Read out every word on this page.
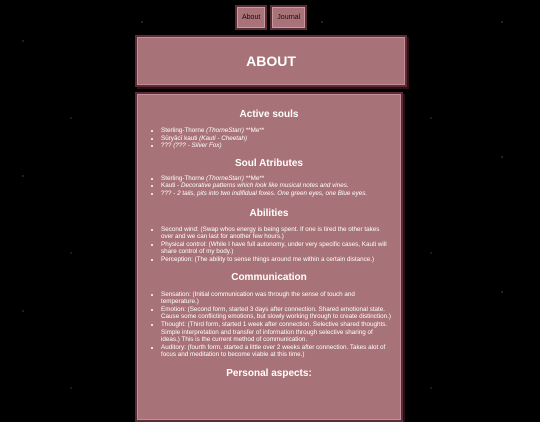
About	Journal
ABOUT
Active souls
• Sterling-Thorne (ThorneStarr) **Me**
• Sūryācī kauti (Kauti - Cheetah)
• ??? (??? - Silver Fox)
Soul Atributes
• Sterling-Thorne (ThorneStarr) **Me**
• Kauti - Decorative patterns which look like musical notes and vines.
• ??? - 2 tails, pits into two indifidual foxes. One green eyes, one Blue eyes.
Abilities
• Second wind: (Swap whos energy is being spent. If one is tired the other takes over and we can last for another few hours.)
• Physical control: (While I have full autonomy, under very specific cases, Kauti will share control of my body.)
• Perception: (The ability to sense things around me within a certain distance.)
Communication
• Sensation: (Initial communication was through the sense of touch and temperature.)
• Emotion: (Second form, started 3 days after connection. Shared emotional state. Cause some conflicting emotions, but slowly working through to create distinction.)
• Thought: (Third form, started 1 week after connection. Selective shared thoughts. Simple interpretation and transfer of information through selective sharing of ideas.) This is the current method of communication.
• Auditory: (fourth form, started a little over 2 weeks after connection. Takes alot of focus and meditation to become viable at this time.)
Personal aspects:
